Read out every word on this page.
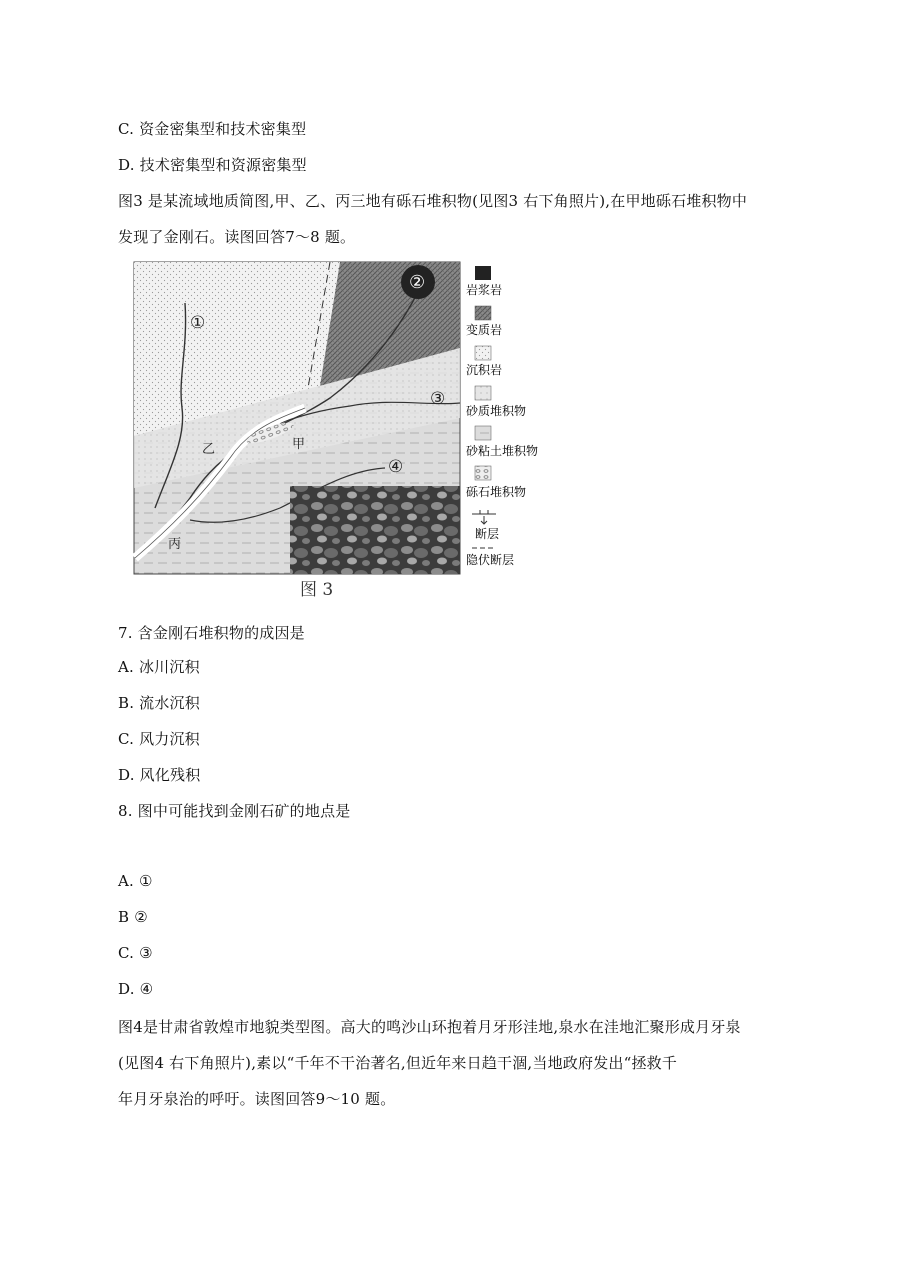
C. 资金密集型和技术密集型
D. 技术密集型和资源密集型
图3 是某流域地质简图,甲、乙、丙三地有砾石堆积物(见图3 右下角照片),在甲地砾石堆积物中
发现了金刚石。读图回答7～8 题。
①
②
③
④
甲
乙
丙
图 3
岩浆岩
变质岩
沉积岩
砂质堆积物
砂粘土堆积物
砾石堆积物
断层
隐伏断层
7. 含金刚石堆积物的成因是
A. 冰川沉积
B. 流水沉积
C. 风力沉积
D. 风化残积
8. 图中可能找到金刚石矿的地点是
A. ①
B ②
C. ③
D. ④
图4是甘肃省敦煌市地貌类型图。高大的鸣沙山环抱着月牙形洼地,泉水在洼地汇聚形成月牙泉
(见图4 右下角照片),素以“千年不干治著名,但近年来日趋干涸,当地政府发出“拯救千
年月牙泉治的呼吁。读图回答9～10 题。
